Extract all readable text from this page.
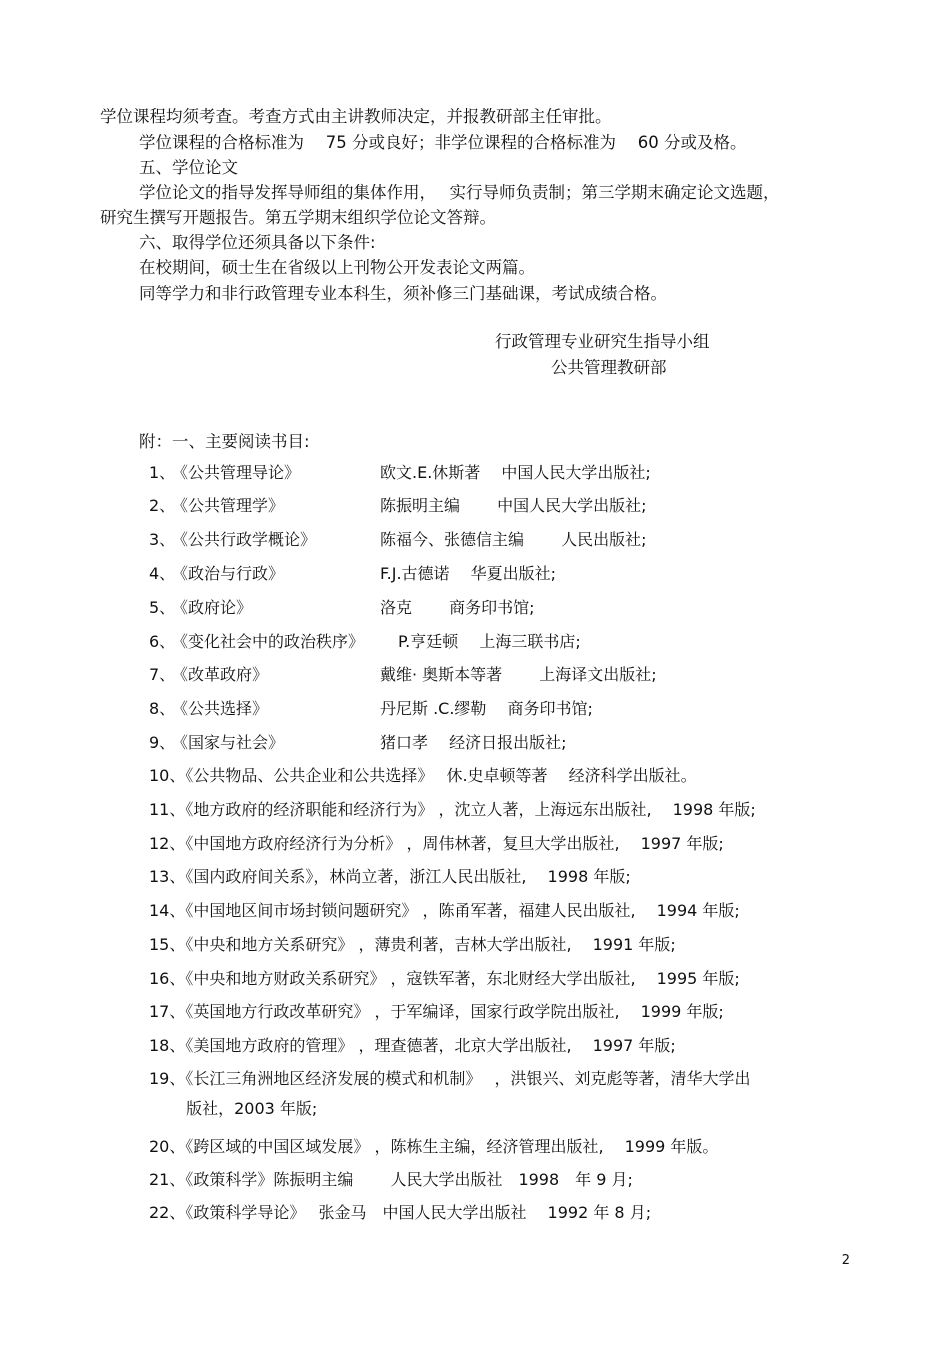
学位课程均须考查。考查方式由主讲教师决定，并报教研部主任审批。
学位课程的合格标准为　 75 分或良好；非学位课程的合格标准为　 60 分或及格。
五、学位论文
学位论文的指导发挥导师组的集体作用，　 实行导师负责制；第三学期末确定论文选题，
研究生撰写开题报告。第五学期末组织学位论文答辩。
六、取得学位还须具备以下条件:
在校期间，硕士生在省级以上刊物公开发表论文两篇。
同等学力和非行政管理专业本科生，须补修三门基础课，考试成绩合格。
行政管理专业研究生指导小组
公共管理教研部
附：一、主要阅读书目:
1、
《公共管理导论》	欧文.E.休斯著　 中国人民大学出版社;
2、
《公共管理学》	陈振明主编　　 中国人民大学出版社;
3、
《公共行政学概论》	陈福今、张德信主编　　 人民出版社;
4、
《政治与行政》	F.J.古德诺　 华夏出版社;
5、
《政府论》	洛克　　 商务印书馆;
6、
《变化社会中的政治秩序》 P.亨廷顿　 上海三联书店;
7、
《改革政府》	戴维· 奥斯本等著　　 上海译文出版社;
8、
《公共选择》	丹尼斯 .C.缪勒　 商务印书馆;
9、
《国家与社会》	猪口孝　 经济日报出版社;
10、《公共物品、公共企业和公共选择》　 休.史卓顿等著　 经济科学出版社。
11、《地方政府的经济职能和经济行为》 ，沈立人著，上海远东出版社,　 1998 年版;
12、《中国地方政府经济行为分析》 ，周伟林著，复旦大学出版社,　 1997 年版;
13、《国内政府间关系》，林尚立著，浙江人民出版社,　 1998 年版;
14、《中国地区间市场封锁问题研究》 ，陈甬军著，福建人民出版社,　 1994 年版;
15、《中央和地方关系研究》 ，薄贵利著，吉林大学出版社,　 1991 年版;
16、《中央和地方财政关系研究》 ，寇铁军著，东北财经大学出版社,　 1995 年版;
17、《英国地方行政改革研究》 ，于军编译，国家行政学院出版社,　 1999 年版;
18、《美国地方政府的管理》 ，理查德著，北京大学出版社,　 1997 年版;
19、《长江三角洲地区经济发展的模式和机制》　 ，洪银兴、刘克彪等著，清华大学出
　　 版社，2003 年版;
20、《跨区域的中国区域发展》 ，陈栋生主编，经济管理出版社,　 1999 年版。
21、《政策科学》陈振明主编　　 人民大学出版社　1998　年 9 月;
22、《政策科学导论》　 张金马　中国人民大学出版社　 1992 年 8 月;
2
